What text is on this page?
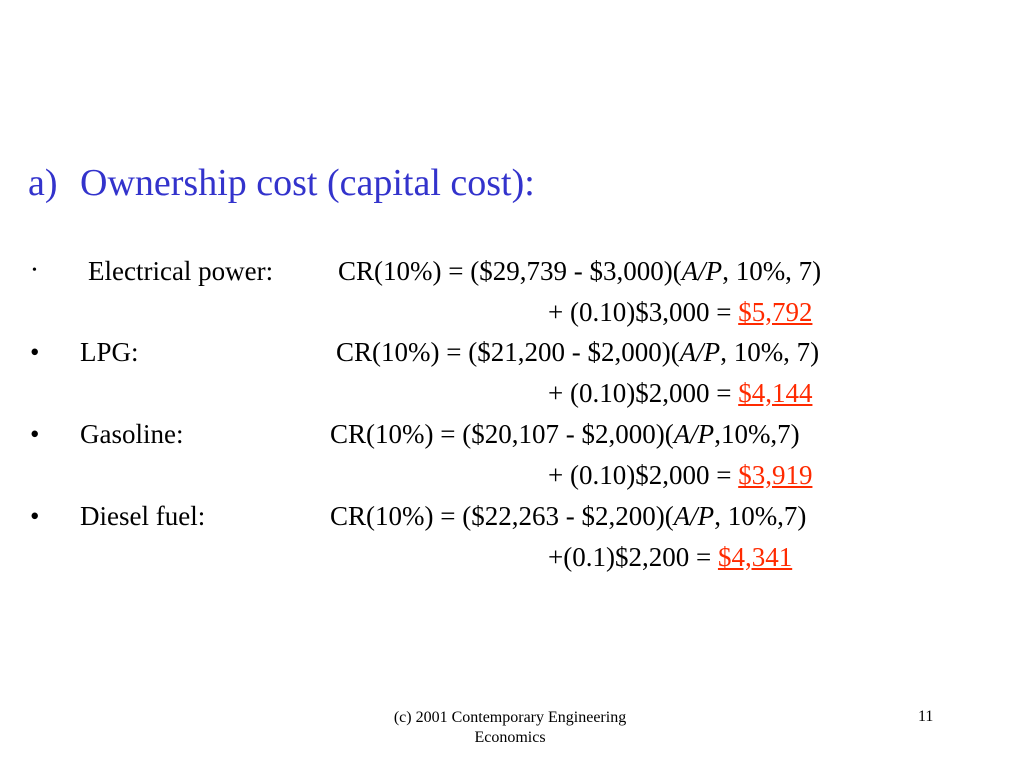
a) Ownership cost (capital cost):
• Electrical power: CR(10%) = ($29,739 - $3,000)(A/P, 10%, 7)
+ (0.10)$3,000 = $5,792
• LPG:	CR(10%) = ($21,200 - $2,000)(A/P, 10%, 7)
+ (0.10)$2,000 = $4,144
• Gasoline:	CR(10%) = ($20,107 - $2,000)(A/P,10%,7)
+ (0.10)$2,000 = $3,919
• Diesel fuel:	CR(10%) = ($22,263 - $2,200)(A/P, 10%,7)
+(0.1)$2,200 = $4,341
(c) 2001 Contemporary Engineering
Economics
11
